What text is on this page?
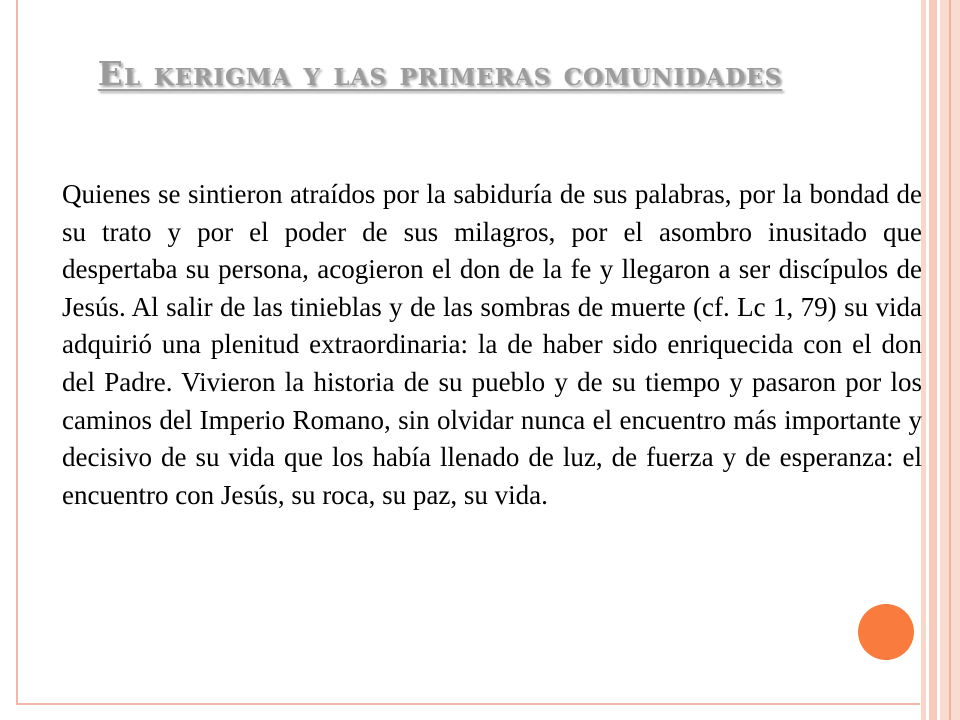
El kerigma y las primeras comunidades

Quienes se sintieron atraídos por la sabiduría de sus palabras, por la bondad de su trato y por el poder de sus milagros, por el asombro inusitado que despertaba su persona, acogieron el don de la fe y llegaron a ser discípulos de Jesús. Al salir de las tinieblas y de las sombras de muerte (cf. Lc 1, 79) su vida adquirió una plenitud extraordinaria: la de haber sido enriquecida con el don del Padre. Vivieron la historia de su pueblo y de su tiempo y pasaron por los caminos del Imperio Romano, sin olvidar nunca el encuentro más importante y decisivo de su vida que los había llenado de luz, de fuerza y de esperanza: el encuentro con Jesús, su roca, su paz, su vida.
